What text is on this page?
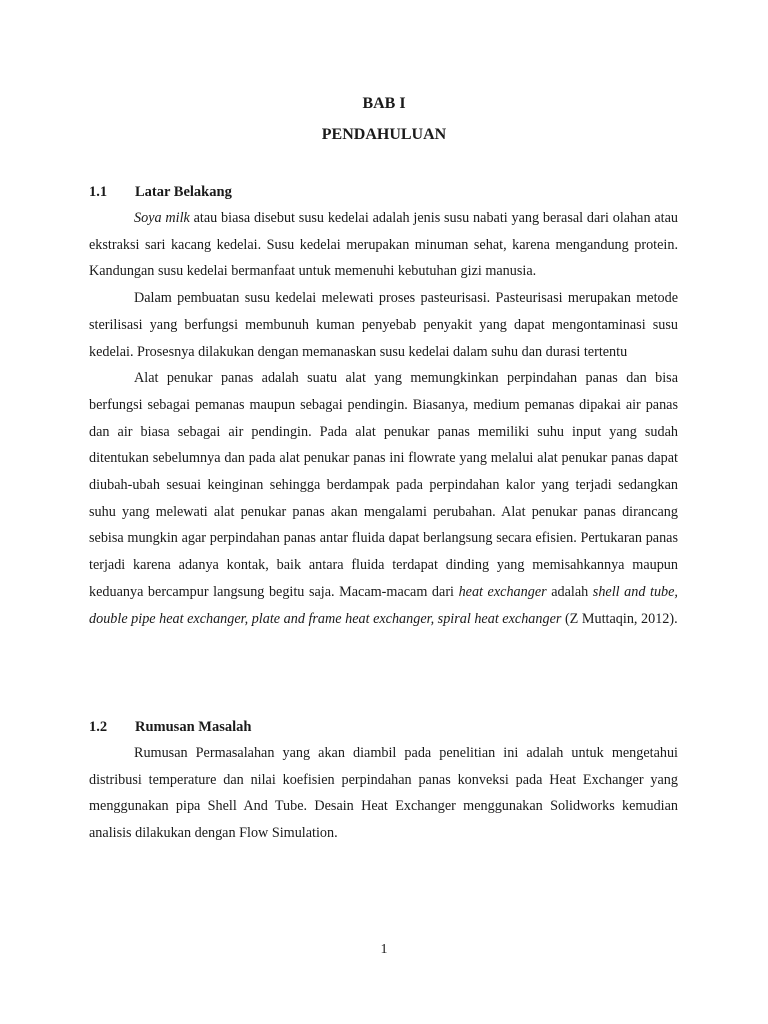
BAB I
PENDAHULUAN
1.1 Latar Belakang

Soya milk atau biasa disebut susu kedelai adalah jenis susu nabati yang berasal dari olahan atau ekstraksi sari kacang kedelai. Susu kedelai merupakan minuman sehat, karena mengandung protein. Kandungan susu kedelai bermanfaat untuk memenuhi kebutuhan gizi manusia.

Dalam pembuatan susu kedelai melewati proses pasteurisasi. Pasteurisasi merupakan metode sterilisasi yang berfungsi membunuh kuman penyebab penyakit yang dapat mengontaminasi susu kedelai. Prosesnya dilakukan dengan memanaskan susu kedelai dalam suhu dan durasi tertentu

Alat penukar panas adalah suatu alat yang memungkinkan perpindahan panas dan bisa berfungsi sebagai pemanas maupun sebagai pendingin. Biasanya, medium pemanas dipakai air panas dan air biasa sebagai air pendingin. Pada alat penukar panas memiliki suhu input yang sudah ditentukan sebelumnya dan pada alat penukar panas ini flowrate yang melalui alat penukar panas dapat diubah-ubah sesuai keinginan sehingga berdampak pada perpindahan kalor yang terjadi sedangkan suhu yang melewati alat penukar panas akan mengalami perubahan. Alat penukar panas dirancang sebisa mungkin agar perpindahan panas antar fluida dapat berlangsung secara efisien. Pertukaran panas terjadi karena adanya kontak, baik antara fluida terdapat dinding yang memisahkannya maupun keduanya bercampur langsung begitu saja. Macam-macam dari heat exchanger adalah shell and tube, double pipe heat exchanger, plate and frame heat exchanger, spiral heat exchanger (Z Muttaqin, 2012).

1.2 Rumusan Masalah

Rumusan Permasalahan yang akan diambil pada penelitian ini adalah untuk mengetahui distribusi temperature dan nilai koefisien perpindahan panas konveksi pada Heat Exchanger yang menggunakan pipa Shell And Tube. Desain Heat Exchanger menggunakan Solidworks kemudian analisis dilakukan dengan Flow Simulation.

1
